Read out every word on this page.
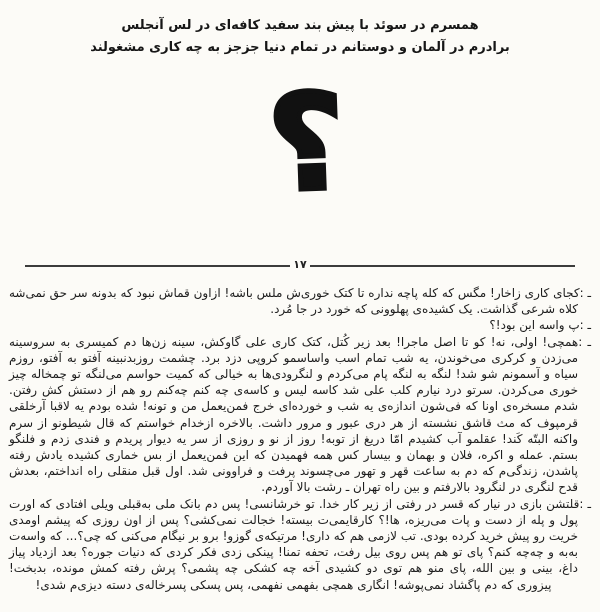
همسرم در سوئد با پیش بند سفید کافه‌ای در لس آنجلس
برادرم در آلمان و دوستانم در تمام دنیا جزجز به چه کاری مشغولند
؟
۱۷

ـ :کجای کاری زاخار! مگس که کله پاچه نداره تا کتک خوری‌ش ملس باشه! ازاون قماش نبود که بدونه سر حق نمی‌شه کلاه شرعی گذاشت. یک کشیده‌ی پهلوونی که خورد در جا مُرد.

ـ :پ واسه این بود!؟

ـ :همچی! اولی، نه! کو تا اصل ماجرا! بعد زیر کُتل، کتک کاری علی گاوکش، سینه زن‌ها دم کمیسری به سروسینه می‌زدن و کرکری می‌خوندن، یه شب تمام اسب واساسمو کروپی دزد برد. چشمت روزبدنبینه آفتو به آفتو، روزم سیاه و آسمونم شو شد! لنگه به لنگه پام می‌کردم و لنگرودی‌ها به خیالی که کمیت حواسم می‌لنگه تو چمخاله چیز خوری می‌کردن. سرتو درد نیارم کلب علی شد کاسه لیس و کاسه‌ی چه کنم چه‌کنم رو هم از دستش کش رفتن. شدم مسخره‌ی اونا که فی‌شون اندازه‌ی یه شب و خورده‌ای خرج فمن‌یعمل من و تونه! شده بودم یه لاقبا آرخلقی قرمپوف که مث قاشق نشسته از هر دری عبور و مرور داشت. بالاخره ازخدام خواستم که قال شیطونو از سرم واکنه البتّه کَند! عقلمو آب کشیدم امّا دریغ از توبه! روز از نو و روزی از سر یه دیوار پریدم و فندی زدم و فلنگو بستم. عمله و اکره، فلان و بهمان و بیسار کس همه فهمیدن که این فمن‌یعمل از بس خماری کشیده یادش رفته پاشدن، زندگی‌م که دم به ساعت قهر و تهور می‌چسوند پرفت و فراوونی شد. اول قبل منقلی راه انداختم، بعدش قدح لنگری در لنگرود بالارفتم و بین راه تهران ـ رشت بالا آوردم.

ـ :قلتشن بازی در نیار که قسر در رفتی از زیر کار خدا. تو خرشانسی! پس دم بانک ملی به‌قبلی ویلی افتادی که اورت پول و پله از دست و پات می‌ریزه، ها!؟ کارقایمی‌ت بیسته! خجالت نمی‌کشی؟ پس از اون روزی که پیشم اومدی خریت رو پیش خرید کرده بودی. تب لازمی هم که داری! مرتیکه‌ی گوزو! برو بر نیگام می‌کنی که چی؟... که واسه‌ت به‌به و چه‌چه کنم؟ پای تو هم پس روی بیل رفت، تحفه تمنا! پینکی زدی فکر کردی که دنیات جوره؟ بعد ازدیاد پیاز داغ، بینی و بین الله، پای منو هم توی دو کشیدی آخه چه کشکی چه پشمی؟ پرش رفته کمش مونده، بدبخت! پیزوری که دم پاگشاد نمی‌پوشه! انگاری همچی بفهمی نفهمی، پس پسکی پسرخاله‌ی دسته دیزی‌م شدی!
